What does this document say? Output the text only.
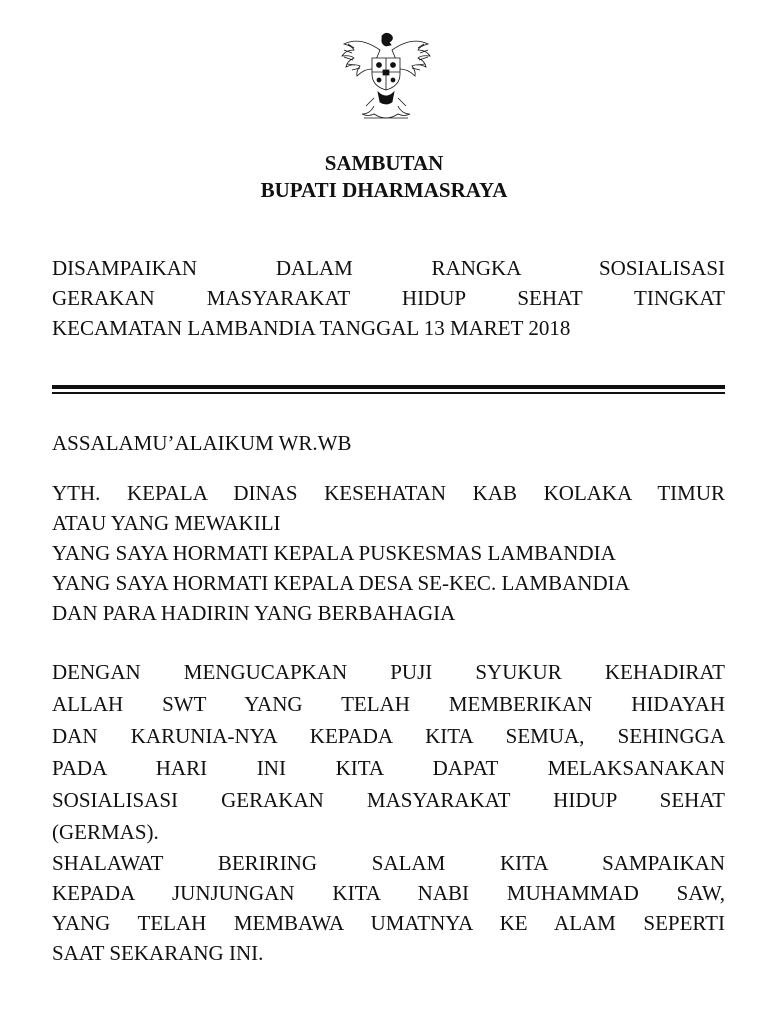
SAMBUTAN
BUPATI DHARMASRAYA
DISAMPAIKAN DALAM RANGKA SOSIALISASI
GERAKAN MASYARAKAT HIDUP SEHAT TINGKAT
KECAMATAN LAMBANDIA TANGGAL 13 MARET 2018
ASSALAMU’ALAIKUM WR.WB
YTH. KEPALA DINAS KESEHATAN KAB KOLAKA TIMUR
ATAU YANG MEWAKILI
YANG SAYA HORMATI KEPALA PUSKESMAS LAMBANDIA
YANG SAYA HORMATI KEPALA DESA SE-KEC. LAMBANDIA
DAN PARA HADIRIN YANG BERBAHAGIA
DENGAN MENGUCAPKAN PUJI SYUKUR KEHADIRAT
ALLAH SWT YANG TELAH MEMBERIKAN HIDAYAH
DAN KARUNIA-NYA KEPADA KITA SEMUA, SEHINGGA
PADA HARI INI KITA DAPAT MELAKSANAKAN
SOSIALISASI GERAKAN MASYARAKAT HIDUP SEHAT
(GERMAS).
SHALAWAT BERIRING SALAM KITA SAMPAIKAN
KEPADA JUNJUNGAN KITA NABI MUHAMMAD SAW,
YANG TELAH MEMBAWA UMATNYA KE ALAM SEPERTI
SAAT SEKARANG INI.
